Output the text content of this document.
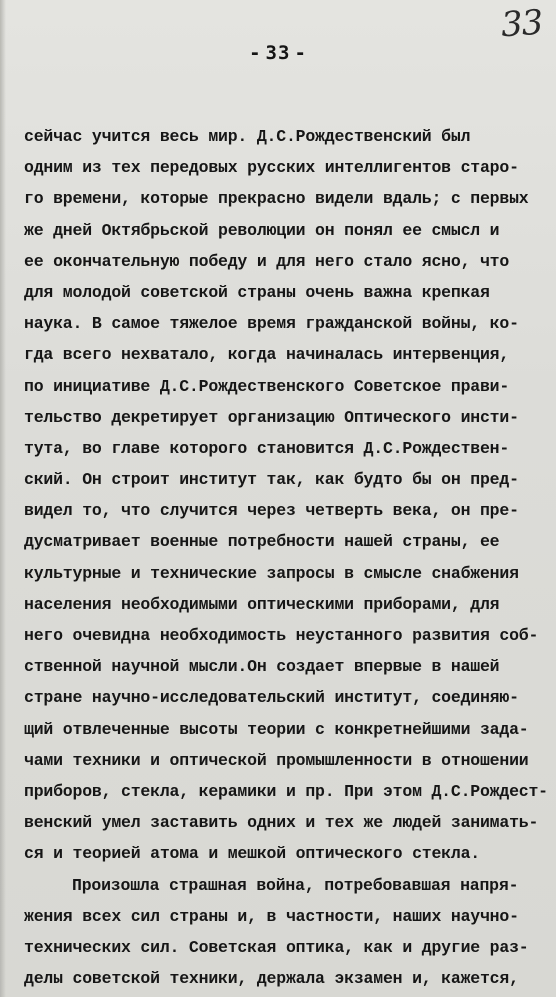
33
- 33 -
сейчас учится весь мир. Д.С.Рождественский был
одним из тех передовых русских интеллигентов старо-
го времени, которые прекрасно видели вдаль; с первых
же дней Октябрьской революции он понял ее смысл и
ее окончательную победу и для него стало ясно, что
для молодой советской страны очень важна крепкая
наука. В самое тяжелое время гражданской войны, ко-
гда всего нехватало, когда начиналась интервенция,
по инициативе Д.С.Рождественского Советское прави-
тельство декретирует организацию Оптического инсти-
тута, во главе которого становится Д.С.Рождествен-
ский. Он строит институт так, как будто бы он пред-
видел то, что случится через четверть века, он пре-
дусматривает военные потребности нашей страны, ее
культурные и технические запросы в смысле снабжения
населения необходимыми оптическими приборами, для
него очевидна необходимость неустанного развития соб-
ственной научной мысли.Он создает впервые в нашей
стране научно-исследовательский институт, соединяю-
щий отвлеченные высоты теории с конкретнейшими зада-
чами техники и оптической промышленности в отношении
приборов, стекла, керамики и пр. При этом Д.С.Рождест-
венский умел заставить одних и тех же людей занимать-
ся и теорией атома и мешкой оптического стекла.
Произошла страшная война, потребовавшая напря-
жения всех сил страны и, в частности, наших научно-
технических сил. Советская оптика, как и другие раз-
делы советской техники, держала экзамен и, кажется,
